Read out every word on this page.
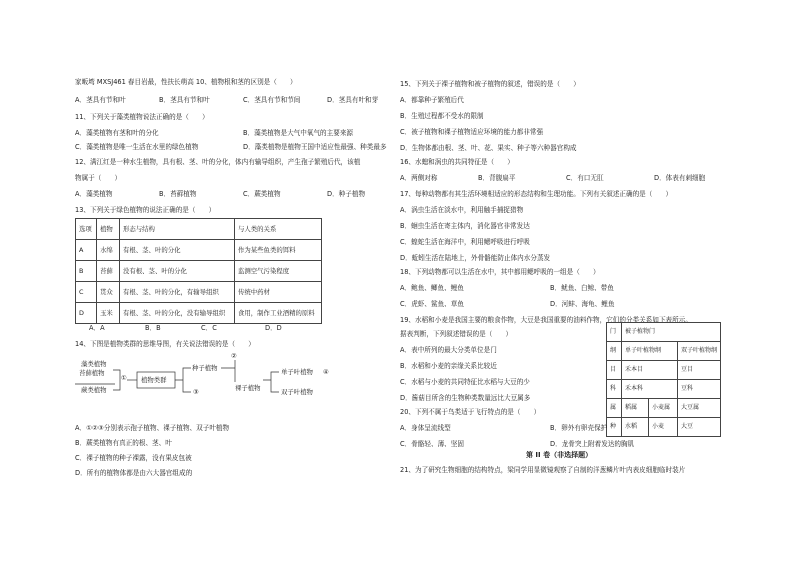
家畈塆 MXSJ461 春目岩最，性扶长萌高 10、植物根和茎的区别是（　　）
A．茎具有节和叶	B．茎具有节和叶	C．茎具有节和节间	D．茎具有叶和芽
11、下列关于藻类植物说法正确的是（　　）
A．藻类植物有茎和叶的分化	B．藻类植物是大气中氧气的主要来源
C．藻类植物是唯一生活在水里的绿色植物	D．藻类植物是植物王国中适应性最强、种类最多
12、满江红是一种水生植物，具有根、茎、叶的分化，体内有输导组织，产生孢子繁殖后代，该植
物属于（　　）
A．藻类植物	B．苔藓植物	C．蕨类植物	D．种子植物
13、下列关于绿色植物的说法正确的是（　　）
选项	植物	形态与结构	与人类的关系
A	水绵	有根、茎、叶的分化	作为某些鱼类的饵料
B	苔藓	没有根、茎、叶的分化	监测空气污染程度
C	贯众	有根、茎、叶的分化，有输导组织	传统中药材
D	玉米	有根、茎、叶的分化，没有输导组织	食用，制作工业酒精的原料
A．A	B．B	C．C	D．D
14、下图是植物类群的思维导图，有关说法错误的是（　　）
藻类植物
苔藓植物
蕨类植物
① 植物类群
种子植物
②
裸子植物
③
单子叶植物 ④
双子叶植物
A．①②③分别表示孢子植物、裸子植物、双子叶植物
B．蕨类植物有真正的根、茎、叶
C．裸子植物的种子裸露，没有果皮包被
D．所有的植物体都是由六大器官组成的
15、下列关于裸子植物和被子植物的叙述，错误的是（　　）
A．都靠种子繁殖后代
B．生殖过程都不受水的限制
C．被子植物和裸子植物适应环境的能力都非常强
D．生物体都由根、茎、叶、花、果实、种子等六种器官构成
16、水螅和涡虫的共同特征是（　　）
A．两侧对称	B．背腹扁平	C．有口无肛	D．体表有刺细胞
17、每种动物都有其生活环境相适应的形态结构和生理功能。下列有关叙述正确的是（　　）
A．涡虫生活在淡水中，利用触手捕捉猎物
B．蛔虫生活在寄主体内，消化器官非常发达
C．蝗蛇生活在海洋中，利用鳃呼吸进行呼吸
D．蚯蚓生活在陆地上，外骨骼能防止体内水分蒸发
18、下列动物都可以生活在水中，其中都用鳃呼吸的一组是（　　）
A．鲍鱼、鲫鱼、鲤鱼	B．鱿鱼、白鲸、带鱼
C．虎虾、鲨鱼、草鱼	D．河蚌、海龟、鲤鱼
19、水稻和小麦是我国主要的粮食作物，大豆是我国重要的油料作物，它们的分类关系如下表所示。
据表判断，下列叙述错误的是（　　）
A．表中所列的最大分类单位是门
B．水稻和小麦的亲缘关系比较近
C．水稻与小麦的共同特征比水稻与大豆的少
D．酱菇目所含的生物种类数量远比大豆属多
门	被子植物门		
纲	单子叶植物纲		双子叶植物纲
目	禾本目		豆目
科	禾本科		豆科
属	稻属	小麦属	大豆属
种	水稻	小麦	大豆
20、下列不属于鸟类适于飞行特点的是（　　）
A．身体呈流线型	B．卵外有卵壳保护
C．骨骼轻、薄、坚固	D．龙骨突上附着发达的胸肌
第 II 卷（非选择题）
21、为了研究生物细胞的结构特点，梁同学用显微镜观察了自制的洋葱鳞片叶内表皮细胞临时装片
